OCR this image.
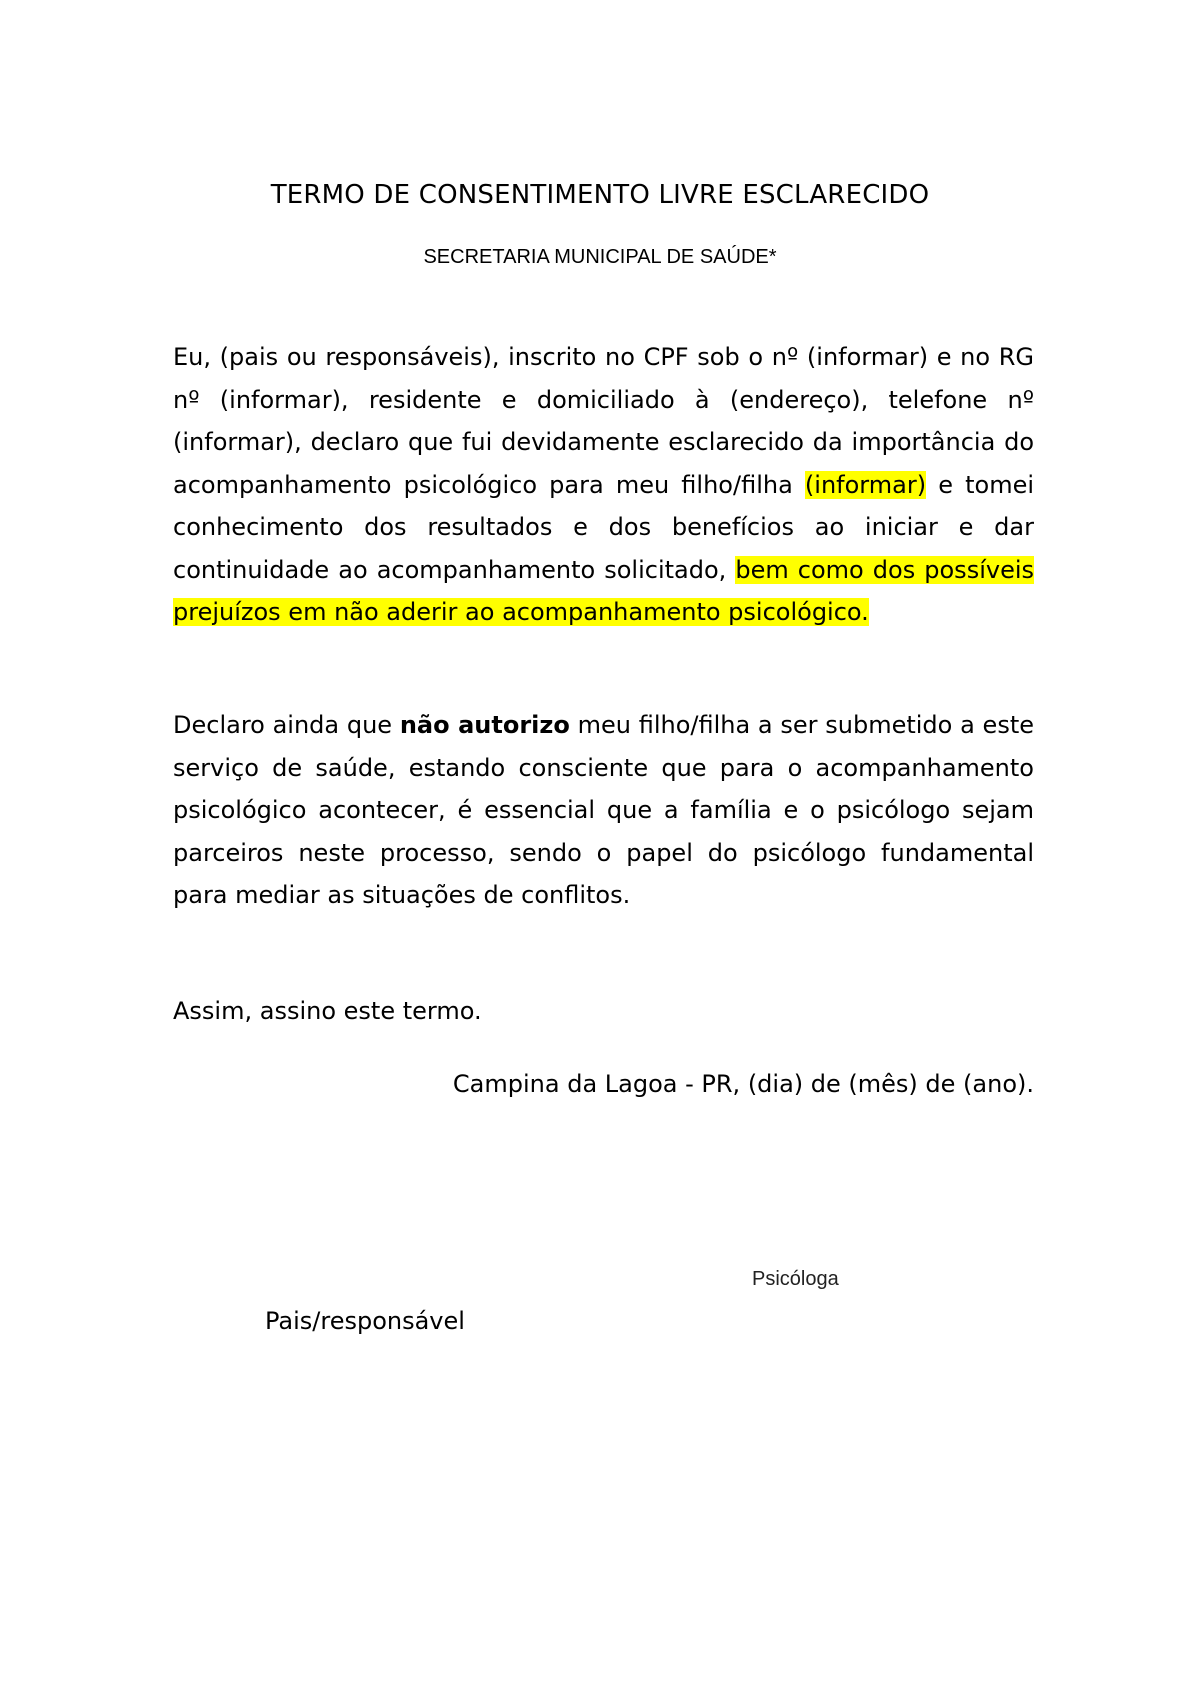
TERMO DE CONSENTIMENTO LIVRE ESCLARECIDO
SECRETARIA MUNICIPAL DE SAÚDE*

Eu, (pais ou responsáveis), inscrito no CPF sob o nº (informar) e no RG nº (informar), residente e domiciliado à (endereço), telefone nº (informar), declaro que fui devidamente esclarecido da importância do acompanhamento psicológico para meu filho/filha (informar) e tomei conhecimento dos resultados e dos benefícios ao iniciar e dar continuidade ao acompanhamento solicitado, bem como dos possíveis prejuízos em não aderir ao acompanhamento psicológico.

Declaro ainda que não autorizo meu filho/filha a ser submetido a este serviço de saúde, estando consciente que para o acompanhamento psicológico acontecer, é essencial que a família e o psicólogo sejam parceiros neste processo, sendo o papel do psicólogo fundamental para mediar as situações de conflitos.

Assim, assino este termo.

Campina da Lagoa - PR, (dia) de (mês) de (ano).
Psicóloga
Pais/responsável
